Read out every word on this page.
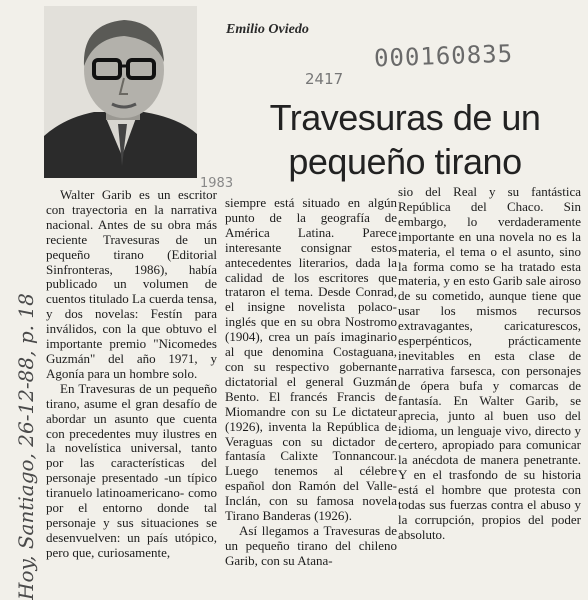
Emilio Oviedo
000160835
2417
Travesuras de un
pequeño tirano
1983
Hoy, Santiago, 26-12-88, p. 18

Walter Garib es un escritor con trayectoria en la narrativa nacional. Antes de su obra más reciente Travesuras de un pequeño tirano (Editorial Sinfronteras, 1986), había publicado un volumen de cuentos titulado La cuerda tensa, y dos novelas: Festín para inválidos, con la que obtuvo el importante premio "Nicomedes Guzmán" del año 1971, y Agonía para un hombre solo.

En Travesuras de un pequeño tirano, asume el gran desafío de abordar un asunto que cuenta con precedentes muy ilustres en la novelística universal, tanto por las características del personaje presentado -un típico tiranuelo latinoamericano- como por el entorno donde tal personaje y sus situaciones se desenvuelven: un país utópico, pero que, curiosamente,

siempre está situado en algún punto de la geografía de América Latina. Parece interesante consignar estos antecedentes literarios, dada la calidad de los escritores que trataron el tema. Desde Conrad, el insigne novelista polaco-inglés que en su obra Nostromo (1904), crea un país imaginario al que denomina Costaguana, con su respectivo gobernante dictatorial el general Guzmán Bento. El francés Francis de Miomandre con su Le dictateur (1926), inventa la República de Veraguas con su dictador de fantasía Calixte Tonnancour. Luego tenemos al célebre español don Ramón del Valle-Inclán, con su famosa novela Tirano Banderas (1926).

Así llegamos a Travesuras de un pequeño tirano del chileno Garib, con su Atana-

sio del Real y su fantástica República del Chaco. Sin embargo, lo verdaderamente importante en una novela no es la materia, el tema o el asunto, sino la forma como se ha tratado esta materia, y en esto Garib sale airoso de su cometido, aunque tiene que usar los mismos recursos extravagantes, caricaturescos, esperpénticos, prácticamente inevitables en esta clase de narrativa farsesca, con personajes de ópera bufa y comarcas de fantasía. En Walter Garib, se aprecia, junto al buen uso del idioma, un lenguaje vivo, directo y certero, apropiado para comunicar la anécdota de manera penetrante. Y en el trasfondo de su historia está el hombre que protesta con todas sus fuerzas contra el abuso y la corrupción, propios del poder absoluto.
